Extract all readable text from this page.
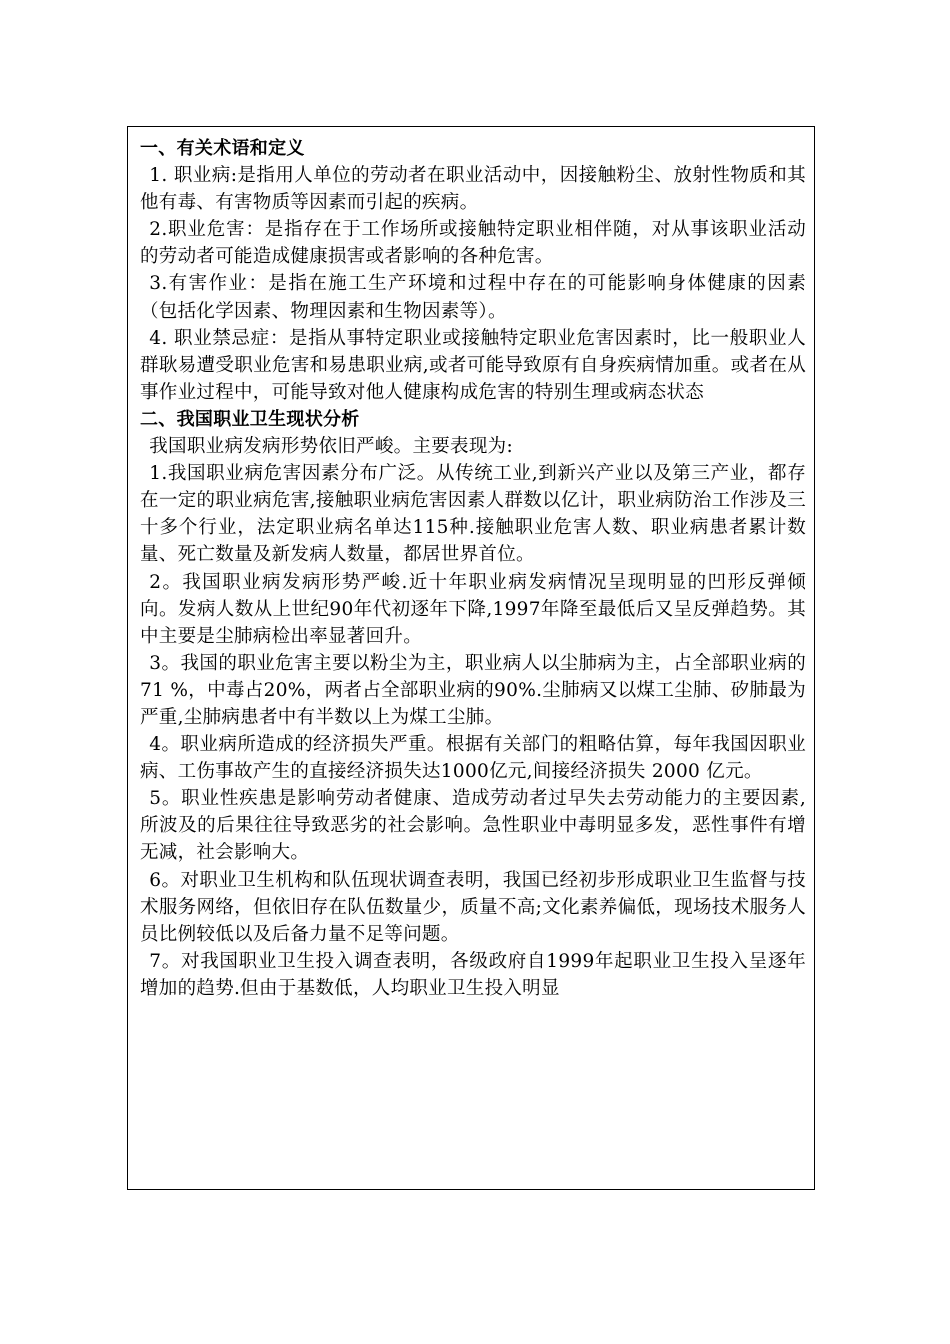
一、有关术语和定义

1. 职业病:是指用人单位的劳动者在职业活动中，因接触粉尘、放射性物质和其他有毒、有害物质等因素而引起的疾病。

2.职业危害：是指存在于工作场所或接触特定职业相伴随，对从事该职业活动的劳动者可能造成健康损害或者影响的各种危害。

3.有害作业：是指在施工生产环境和过程中存在的可能影响身体健康的因素（包括化学因素、物理因素和生物因素等）。

4. 职业禁忌症：是指从事特定职业或接触特定职业危害因素时，比一般职业人群耿易遭受职业危害和易患职业病,或者可能导致原有自身疾病情加重。或者在从事作业过程中，可能导致对他人健康构成危害的特别生理或病态状态

二、我国职业卫生现状分析

我国职业病发病形势依旧严峻。主要表现为:

1.我国职业病危害因素分布广泛。从传统工业,到新兴产业以及第三产业，都存在一定的职业病危害,接触职业病危害因素人群数以亿计，职业病防治工作涉及三十多个行业，法定职业病名单达115种.接触职业危害人数、职业病患者累计数量、死亡数量及新发病人数量，都居世界首位。

2。我国职业病发病形势严峻.近十年职业病发病情况呈现明显的凹形反弹倾向。发病人数从上世纪90年代初逐年下降,1997年降至最低后又呈反弹趋势。其中主要是尘肺病检出率显著回升。

3。我国的职业危害主要以粉尘为主，职业病人以尘肺病为主，占全部职业病的71 %，中毒占20%，两者占全部职业病的90%.尘肺病又以煤工尘肺、矽肺最为严重,尘肺病患者中有半数以上为煤工尘肺。

4。职业病所造成的经济损失严重。根据有关部门的粗略估算，每年我国因职业病、工伤事故产生的直接经济损失达1000亿元,间接经济损失 2000 亿元。

5。职业性疾患是影响劳动者健康、造成劳动者过早失去劳动能力的主要因素,所波及的后果往往导致恶劣的社会影响。急性职业中毒明显多发，恶性事件有增无减，社会影响大。

6。对职业卫生机构和队伍现状调查表明，我国已经初步形成职业卫生监督与技术服务网络，但依旧存在队伍数量少，质量不高;文化素养偏低，现场技术服务人员比例较低以及后备力量不足等问题。

7。对我国职业卫生投入调查表明，各级政府自1999年起职业卫生投入呈逐年增加的趋势.但由于基数低，人均职业卫生投入明显
